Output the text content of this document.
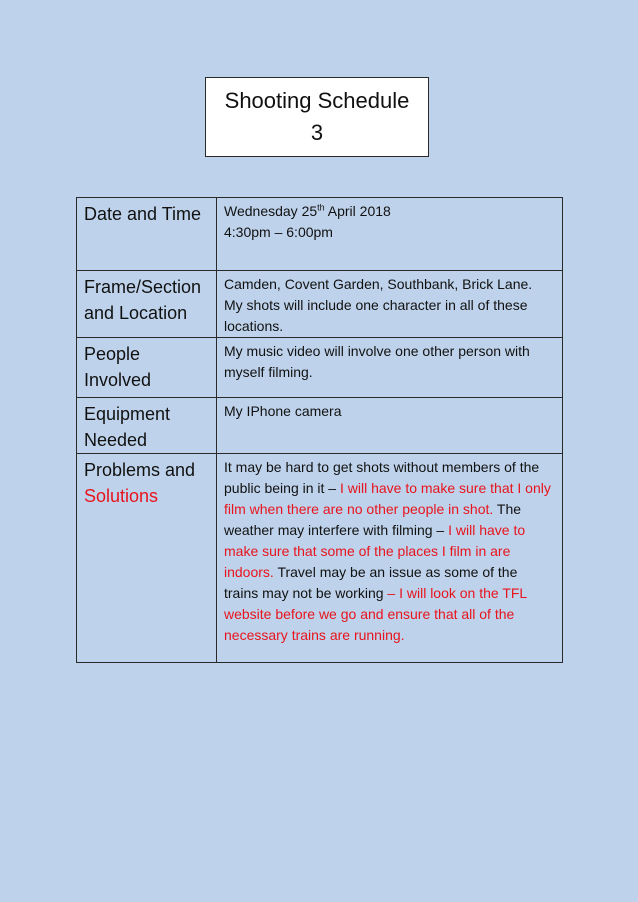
Shooting Schedule
3
Date and Time	Wednesday 25th April 2018
4:30pm – 6:00pm

Frame/Section
and Location	Camden, Covent Garden, Southbank, Brick Lane. My shots will include one character in all of these locations.

People
Involved	My music video will involve one other person with myself filming.

Equipment
Needed	My IPhone camera

Problems and
Solutions	It may be hard to get shots without members of the public being in it – I will have to make sure that I only film when there are no other people in shot. The weather may interfere with filming – I will have to make sure that some of the places I film in are indoors. Travel may be an issue as some of the trains may not be working – I will look on the TFL website before we go and ensure that all of the necessary trains are running.
